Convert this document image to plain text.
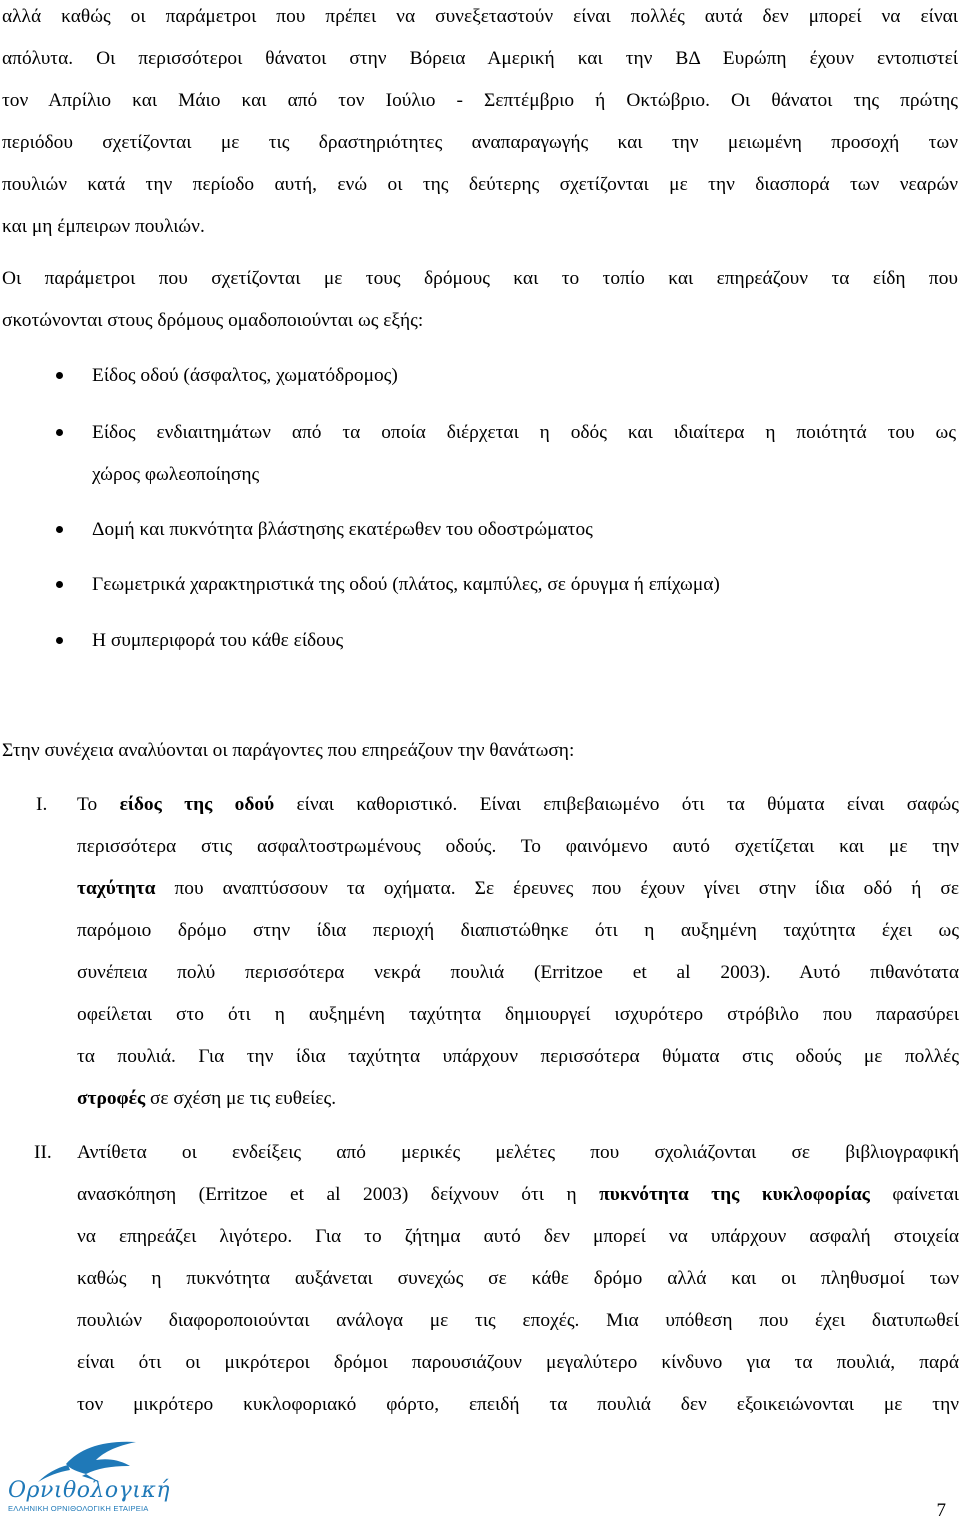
αλλά καθώς οι παράμετροι που πρέπει να συνεξεταστούν είναι πολλές αυτά δεν μπορεί να είναι
απόλυτα. Οι περισσότεροι θάνατοι στην Βόρεια Αμερική και την ΒΔ Ευρώπη έχουν εντοπιστεί
τον Απρίλιο και Μάιο και από τον Ιούλιο - Σεπτέμβριο ή Οκτώβριο. Οι θάνατοι της πρώτης
περιόδου σχετίζονται με τις δραστηριότητες αναπαραγωγής και την μειωμένη προσοχή των
πουλιών κατά την περίοδο αυτή, ενώ οι της δεύτερης σχετίζονται με την διασπορά των νεαρών
και μη έμπειρων πουλιών.
Οι παράμετροι που σχετίζονται με τους δρόμους και το τοπίο και επηρεάζουν τα είδη που
σκοτώνονται στους δρόμους ομαδοποιούνται ως εξής:
Είδος οδού (άσφαλτος, χωματόδρομος)
Είδος ενδιαιτημάτων από τα οποία διέρχεται η οδός και ιδιαίτερα η ποιότητά του ως
χώρος φωλεοποίησης
Δομή και πυκνότητα βλάστησης εκατέρωθεν του οδοστρώματος
Γεωμετρικά χαρακτηριστικά της οδού (πλάτος, καμπύλες, σε όρυγμα ή επίχωμα)
Η συμπεριφορά του κάθε είδους
Στην συνέχεια αναλύονται οι παράγοντες που επηρεάζουν την θανάτωση:
I. Το είδος της οδού είναι καθοριστικό. Είναι επιβεβαιωμένο ότι τα θύματα είναι σαφώς
περισσότερα στις ασφαλτοστρωμένους οδούς. Το φαινόμενο αυτό σχετίζεται και με την
ταχύτητα που αναπτύσσουν τα οχήματα. Σε έρευνες που έχουν γίνει στην ίδια οδό ή σε
παρόμοιο δρόμο στην ίδια περιοχή διαπιστώθηκε ότι η αυξημένη ταχύτητα έχει ως
συνέπεια πολύ περισσότερα νεκρά πουλιά (Erritzoe et al 2003). Αυτό πιθανότατα
οφείλεται στο ότι η αυξημένη ταχύτητα δημιουργεί ισχυρότερο στρόβιλο που παρασύρει
τα πουλιά. Για την ίδια ταχύτητα υπάρχουν περισσότερα θύματα στις οδούς με πολλές
στροφές σε σχέση με τις ευθείες.
II. Αντίθετα οι ενδείξεις από μερικές μελέτες που σχολιάζονται σε βιβλιογραφική
ανασκόπηση (Erritzoe et al 2003) δείχνουν ότι η πυκνότητα της κυκλοφορίας φαίνεται
να επηρεάζει λιγότερο. Για το ζήτημα αυτό δεν μπορεί να υπάρχουν ασφαλή στοιχεία
καθώς η πυκνότητα αυξάνεται συνεχώς σε κάθε δρόμο αλλά και οι πληθυσμοί των
πουλιών διαφοροποιούνται ανάλογα με τις εποχές. Μια υπόθεση που έχει διατυπωθεί
είναι ότι οι μικρότεροι δρόμοι παρουσιάζουν μεγαλύτερο κίνδυνο για τα πουλιά, παρά
τον μικρότερο κυκλοφοριακό φόρτο, επειδή τα πουλιά δεν εξοικειώνονται με την
Ορνιθολογική
ΕΛΛΗΝΙΚΗ ΟΡΝΙΘΟΛΟΓΙΚΗ ΕΤΑΙΡΕΙΑ	7
